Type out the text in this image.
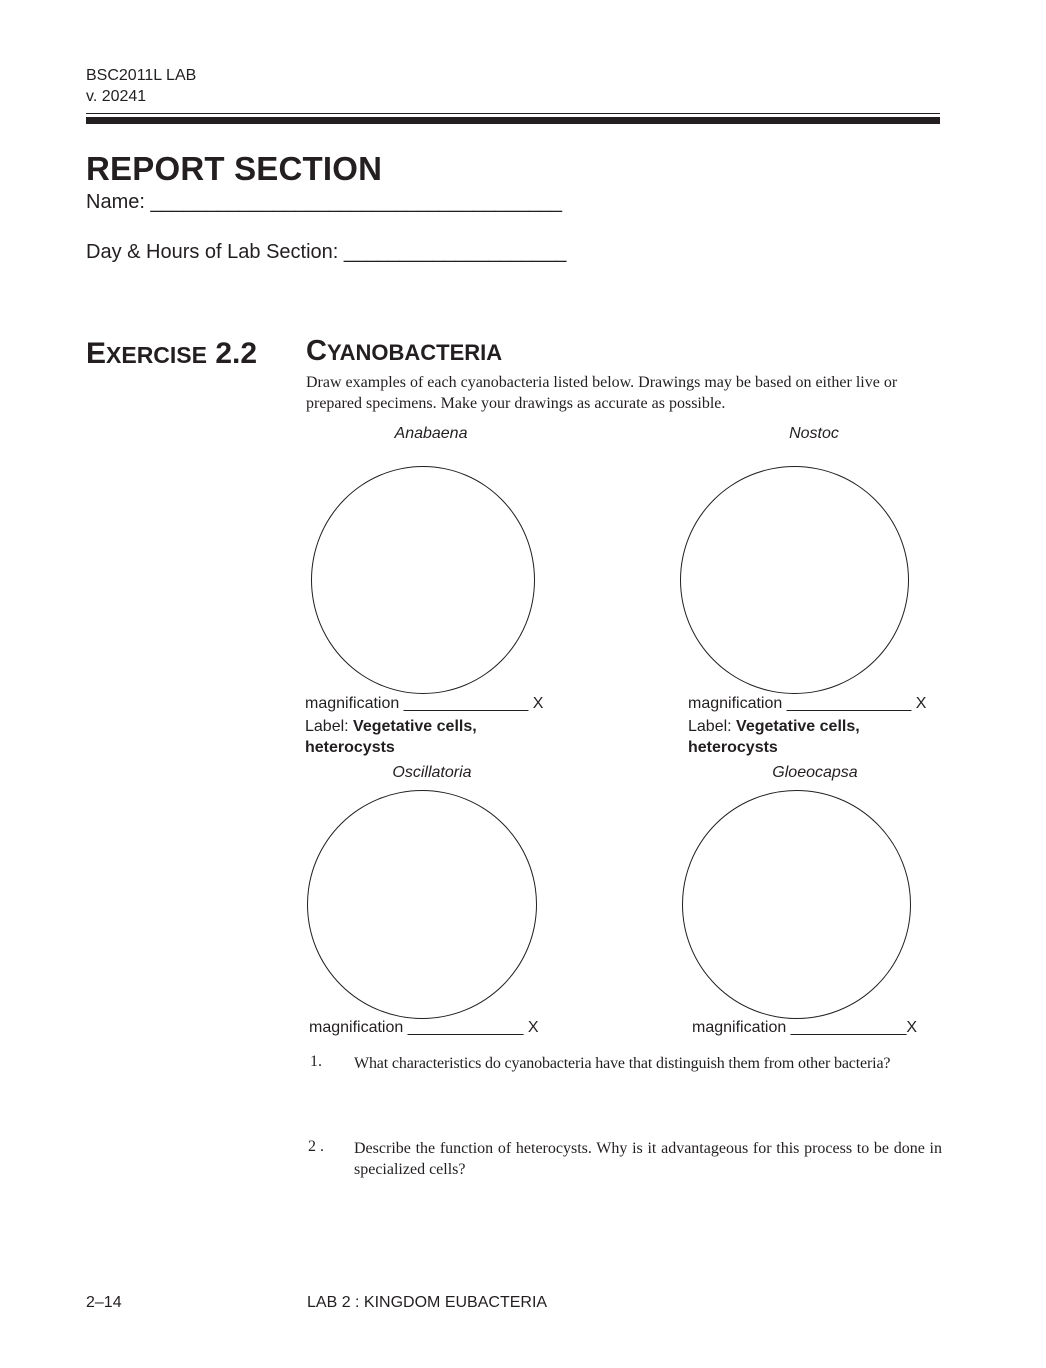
BSC2011L LAB
v. 20241
REPORT SECTION
Name: _____________________________________
Day & Hours of Lab Section: ____________________
EXERCISE 2.2 CYANOBACTERIA
Draw examples of each cyanobacteria listed below. Drawings may be based on either live or prepared specimens. Make your drawings as accurate as possible.
Anabaena
magnification ______________ X
Label: Vegetative cells,
heterocysts
Nostoc
magnification ______________ X
Label: Vegetative cells,
heterocysts
Oscillatoria
magnification _____________ X
Gloeocapsa
magnification _____________X
1. What characteristics do cyanobacteria have that distinguish them from other bacteria?
2 . Describe the function of heterocysts. Why is it advantageous for this process to be done in specialized cells?
2–14	LAB 2 : KINGDOM EUBACTERIA
